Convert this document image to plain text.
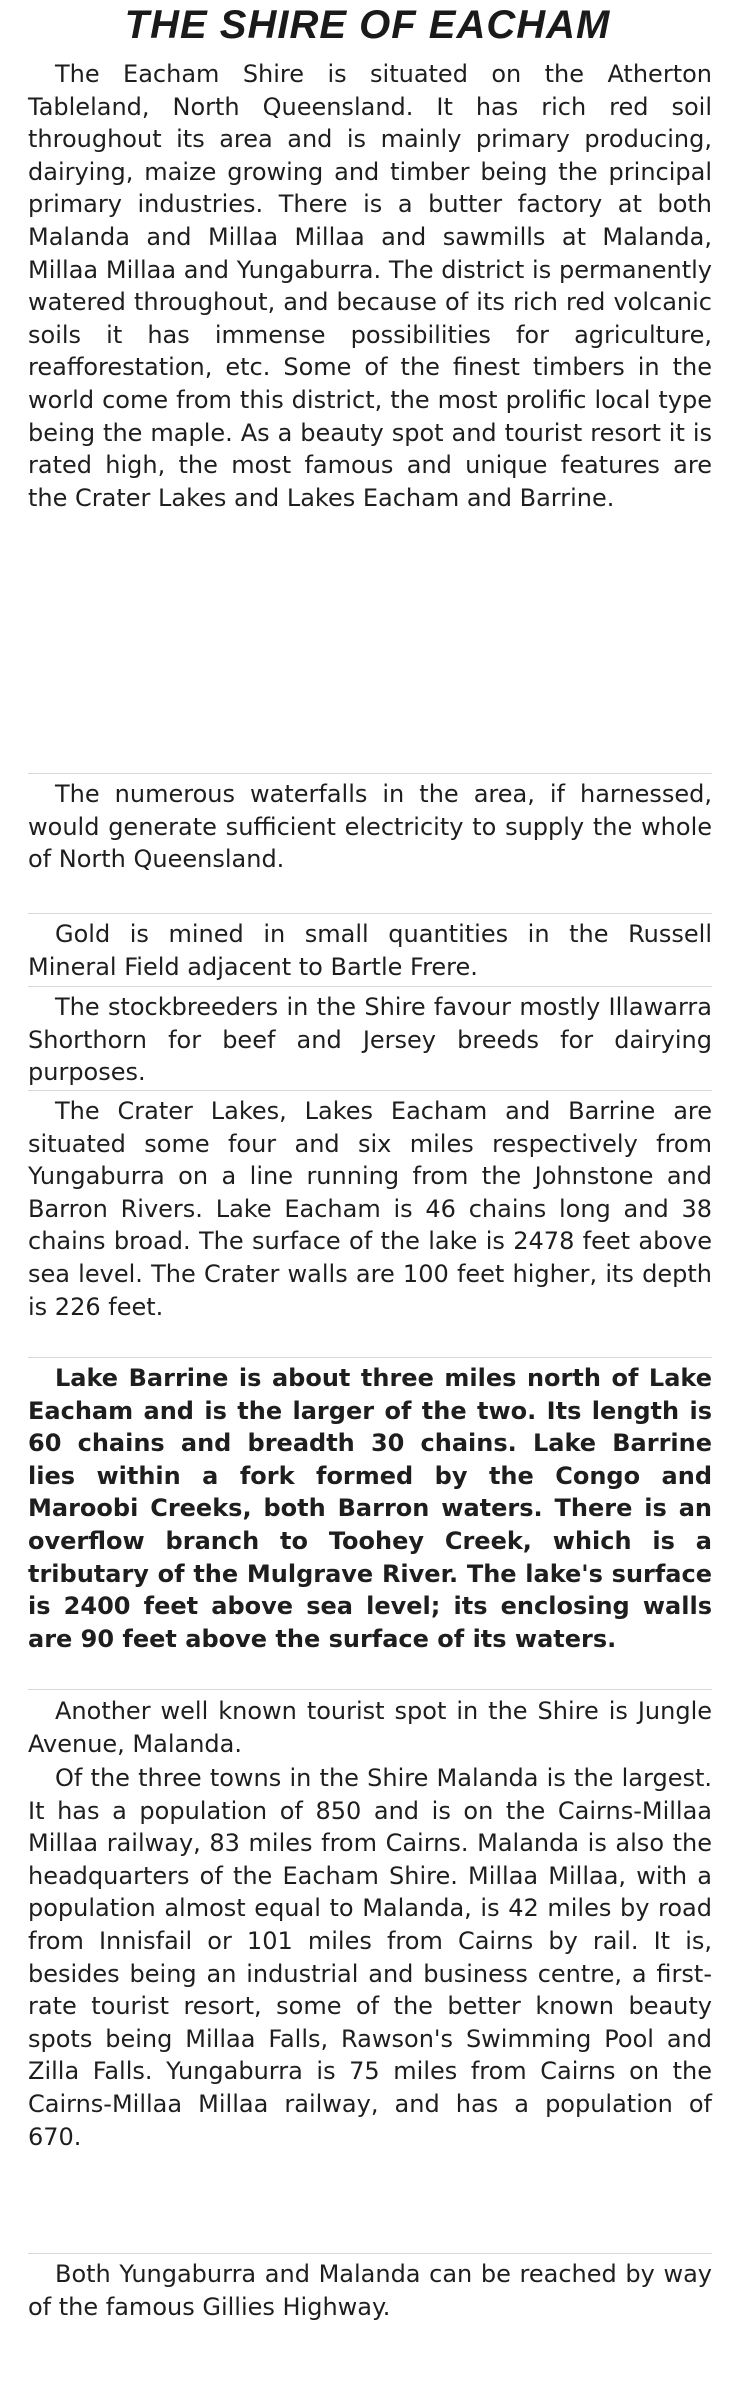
THE SHIRE OF EACHAM

The Eacham Shire is situated on the Atherton Tableland, North Queensland. It has rich red soil throughout its area and is mainly primary producing, dairying, maize growing and timber being the principal primary industries. There is a butter factory at both Malanda and Millaa Millaa and sawmills at Malanda, Millaa Millaa and Yungaburra. The district is permanently watered throughout, and because of its rich red volcanic soils it has immense possibilities for agriculture, reafforestation, etc. Some of the finest timbers in the world come from this district, the most prolific local type being the maple. As a beauty spot and tourist resort it is rated high, the most famous and unique features are the Crater Lakes and Lakes Eacham and Barrine.

The numerous waterfalls in the area, if harnessed, would generate sufficient electricity to supply the whole of North Queensland.

Gold is mined in small quantities in the Russell Mineral Field adjacent to Bartle Frere.

The stockbreeders in the Shire favour mostly Illawarra Shorthorn for beef and Jersey breeds for dairying purposes.

The Crater Lakes, Lakes Eacham and Barrine are situated some four and six miles respectively from Yungaburra on a line running from the Johnstone and Barron Rivers. Lake Eacham is 46 chains long and 38 chains broad. The surface of the lake is 2478 feet above sea level. The Crater walls are 100 feet higher, its depth is 226 feet.

Lake Barrine is about three miles north of Lake Eacham and is the larger of the two. Its length is 60 chains and breadth 30 chains. Lake Barrine lies within a fork formed by the Congo and Maroobi Creeks, both Barron waters. There is an overflow branch to Toohey Creek, which is a tributary of the Mulgrave River. The lake's surface is 2400 feet above sea level; its enclosing walls are 90 feet above the surface of its waters.

Another well known tourist spot in the Shire is Jungle Avenue, Malanda.

Of the three towns in the Shire Malanda is the largest. It has a population of 850 and is on the Cairns-Millaa Millaa railway, 83 miles from Cairns. Malanda is also the headquarters of the Eacham Shire. Millaa Millaa, with a population almost equal to Malanda, is 42 miles by road from Innisfail or 101 miles from Cairns by rail. It is, besides being an industrial and business centre, a first-rate tourist resort, some of the better known beauty spots being Millaa Falls, Rawson's Swimming Pool and Zilla Falls. Yungaburra is 75 miles from Cairns on the Cairns-Millaa Millaa railway, and has a population of 670.

Both Yungaburra and Malanda can be reached by way of the famous Gillies Highway.
